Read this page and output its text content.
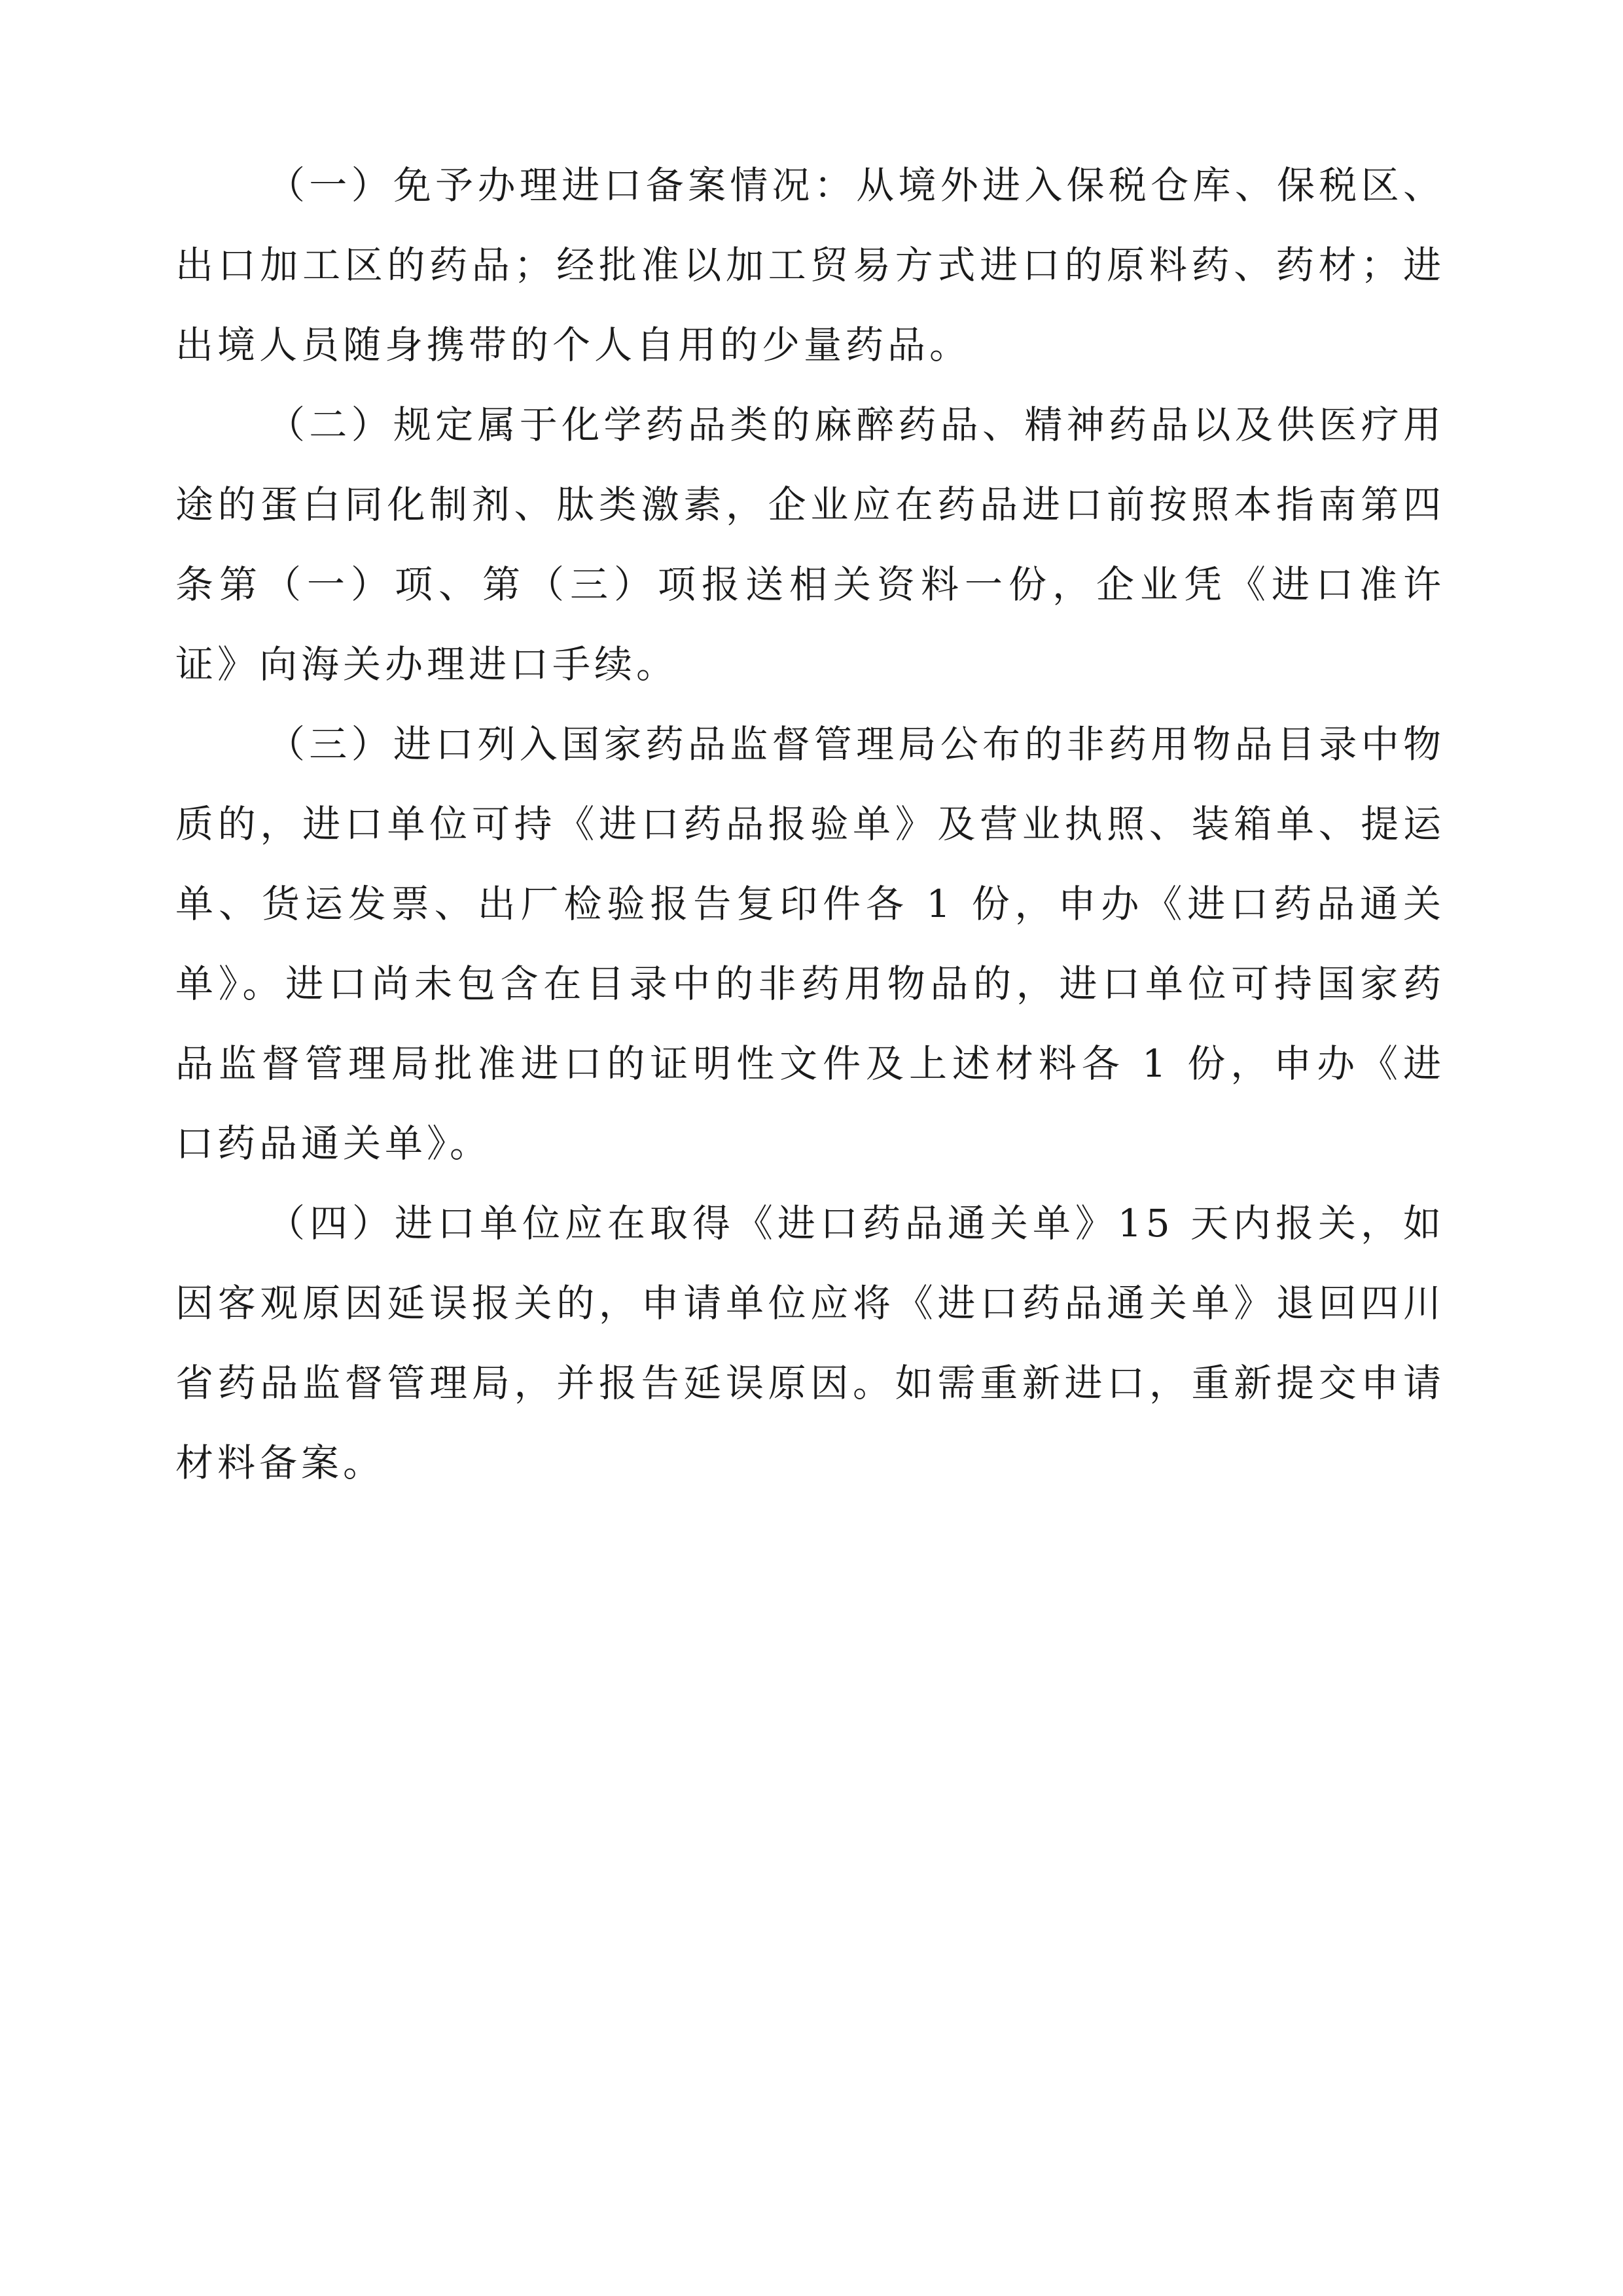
（一）免予办理进口备案情况：从境外进入保税仓库、保税区、出口加工区的药品；经批准以加工贸易方式进口的原料药、药材；进出境人员随身携带的个人自用的少量药品。

（二）规定属于化学药品类的麻醉药品、精神药品以及供医疗用途的蛋白同化制剂、肽类激素，企业应在药品进口前按照本指南第四条第（一）项、第（三）项报送相关资料一份，企业凭《进口准许证》向海关办理进口手续。

（三）进口列入国家药品监督管理局公布的非药用物品目录中物质的，进口单位可持《进口药品报验单》及营业执照、装箱单、提运单、货运发票、出厂检验报告复印件各 1 份，申办《进口药品通关单》。进口尚未包含在目录中的非药用物品的，进口单位可持国家药品监督管理局批准进口的证明性文件及上述材料各 1 份，申办《进口药品通关单》。

（四）进口单位应在取得《进口药品通关单》15 天内报关，如因客观原因延误报关的，申请单位应将《进口药品通关单》退回四川省药品监督管理局，并报告延误原因。如需重新进口，重新提交申请材料备案。
